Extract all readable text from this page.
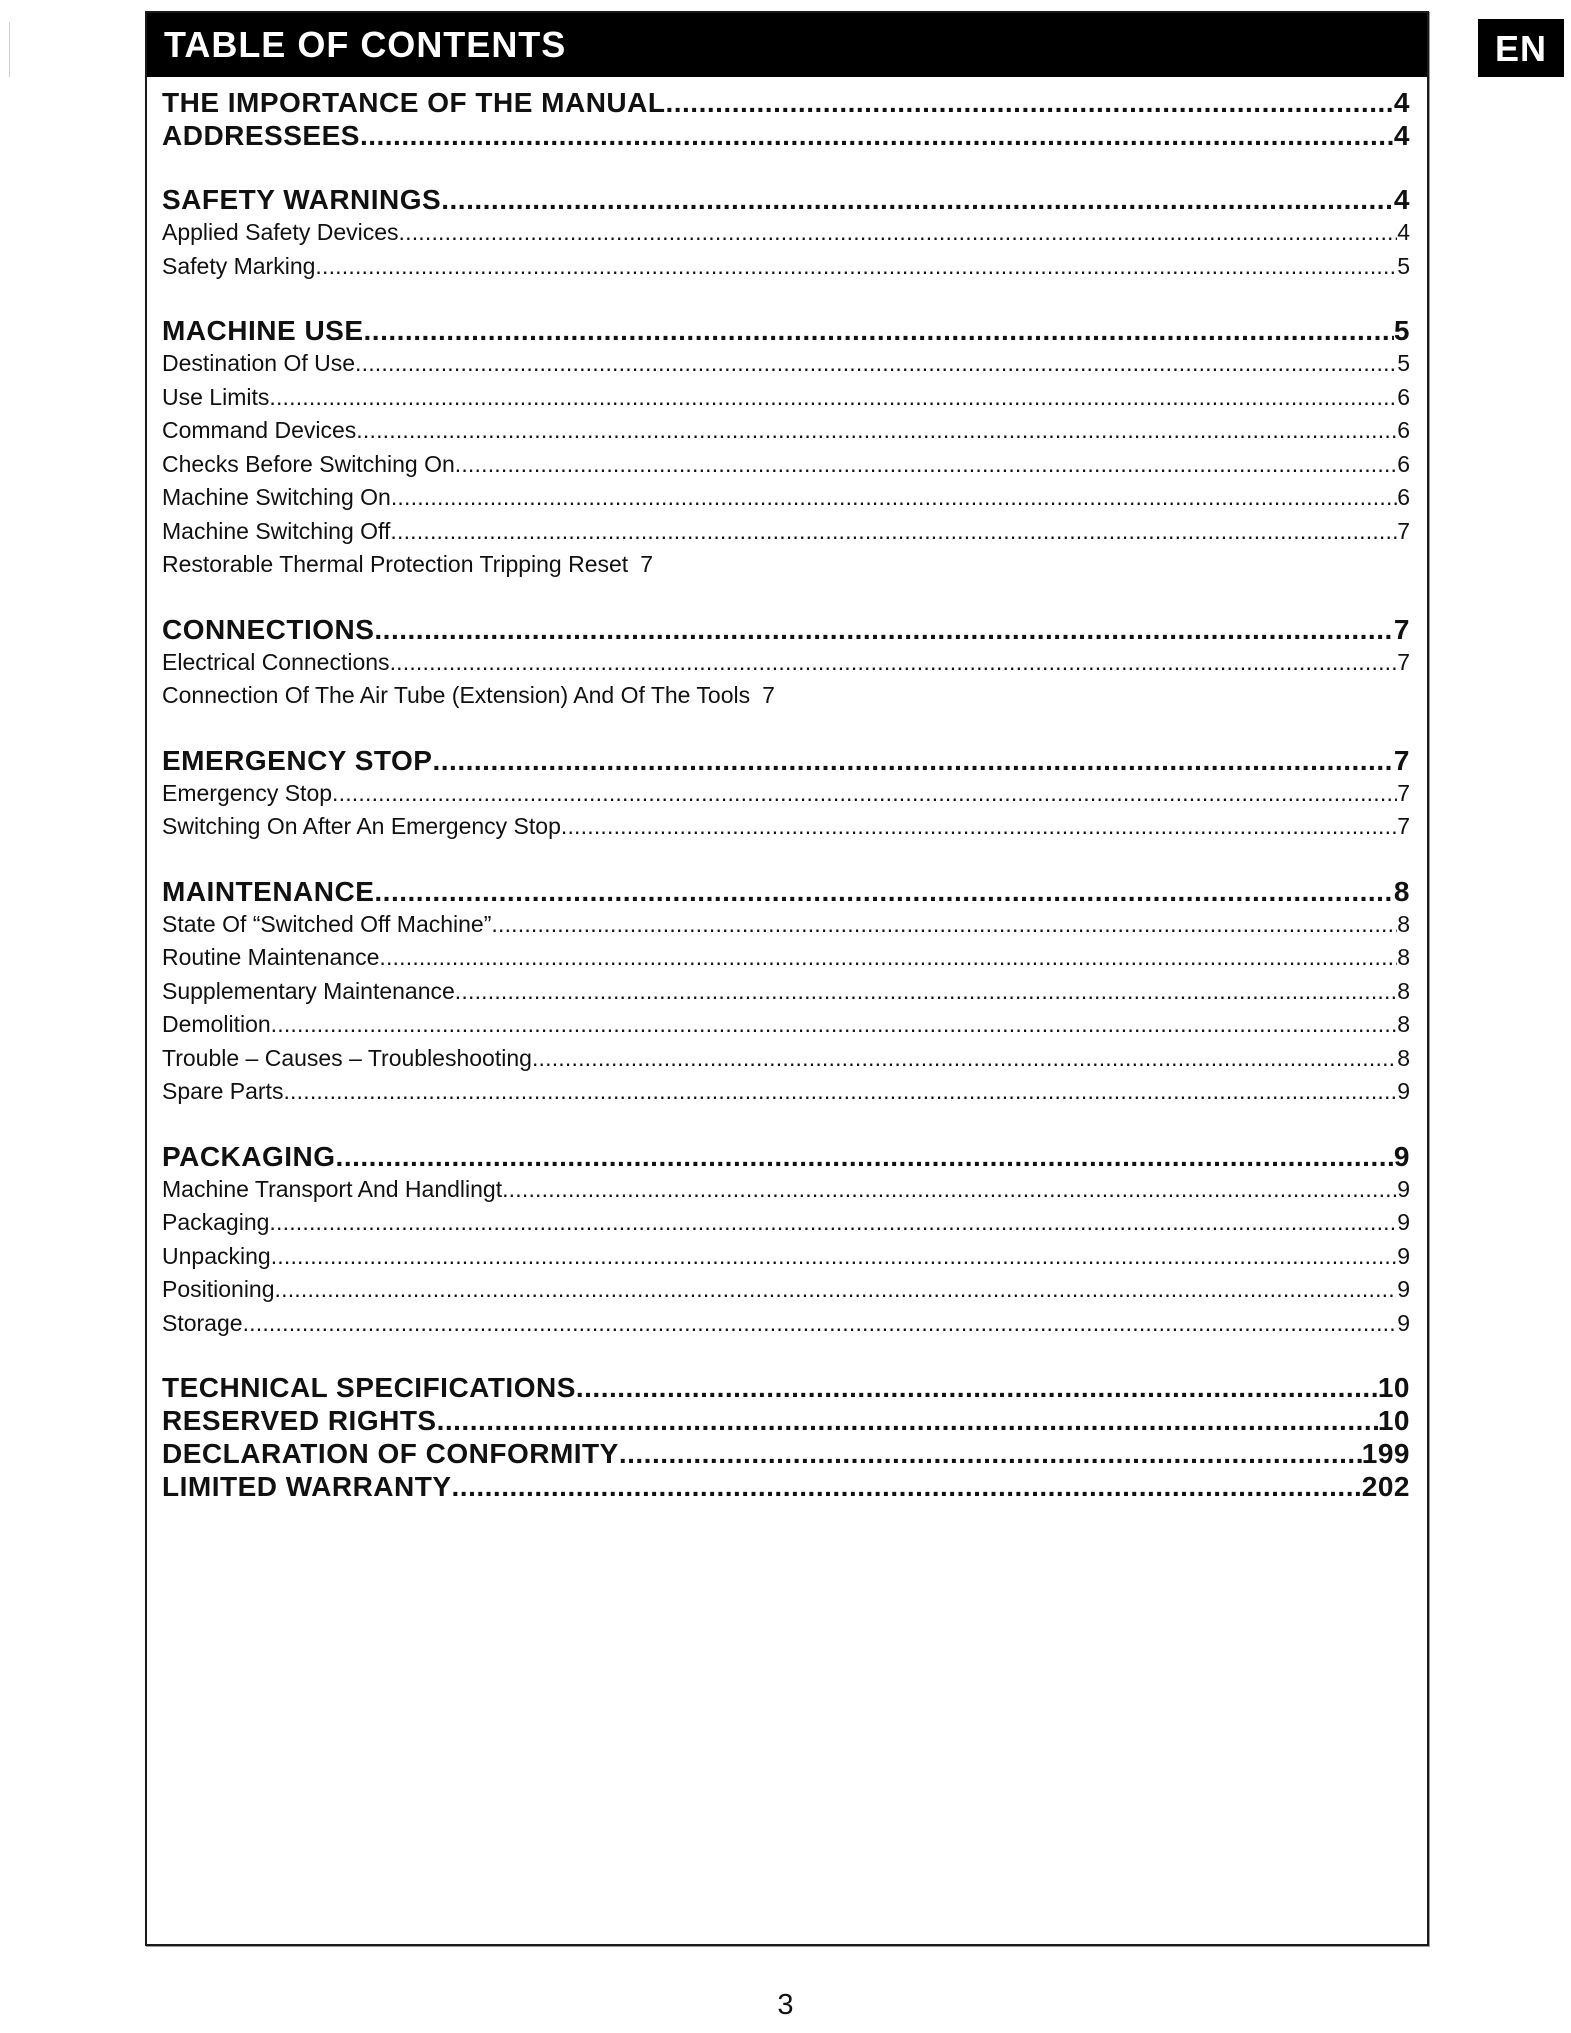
TABLE OF CONTENTS
THE IMPORTANCE OF THE MANUAL .....	4
ADDRESSEES .....	4
SAFETY WARNINGS .....	4
Applied Safety Devices .....	4
Safety Marking .....	5
MACHINE USE .....	5
Destination Of Use .....	5
Use Limits .....	6
Command Devices .....	6
Checks Before Switching On .....	6
Machine Switching On .....	6
Machine Switching Off .....	7
Restorable Thermal Protection Tripping Reset 7
CONNECTIONS .....	7
Electrical Connections .....	7
Connection Of The Air Tube (Extension) And Of The Tools 7
EMERGENCY STOP .....	7
Emergency Stop .....	7
Switching On After An Emergency Stop .....	7
MAINTENANCE .....	8
State Of “Switched Off Machine” .....	8
Routine Maintenance .....	8
Supplementary Maintenance .....	8
Demolition .....	8
Trouble – Causes – Troubleshooting .....	8
Spare Parts .....	9
PACKAGING .....	9
Machine Transport And Handlingt .....	9
Packaging .....	9
Unpacking .....	9
Positioning .....	9
Storage .....	9
TECHNICAL SPECIFICATIONS .....	10
RESERVED RIGHTS .....	10
DECLARATION OF CONFORMITY .....	199
LIMITED WARRANTY .....	202
EN
3
